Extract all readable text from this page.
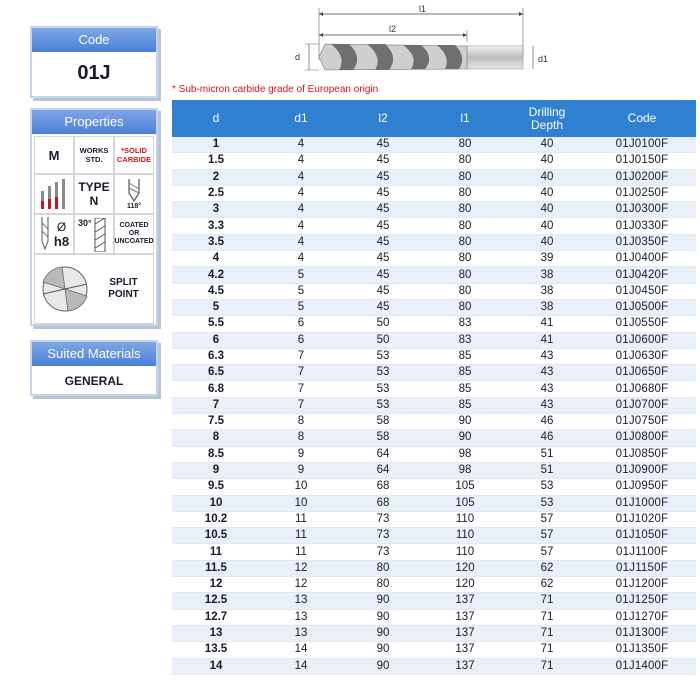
Code
01J
Properties
M	WORKS STD.
*SOLID CARBIDE
TYPE
N	118°
Ø
h8
30°	COATED OR UNCOATED
SPLIT POINT
Suited Materials
GENERAL
l1
l2
d	d1
* Sub-micron carbide grade of European origin
d	d1	l2	l1	Drilling Depth	Code
1	4	45	80	40	01J0100F
1.5	4	45	80	40	01J0150F
2	4	45	80	40	01J0200F
2.5	4	45	80	40	01J0250F
3	4	45	80	40	01J0300F
3.3	4	45	80	40	01J0330F
3.5	4	45	80	40	01J0350F
4	4	45	80	39	01J0400F
4.2	5	45	80	38	01J0420F
4.5	5	45	80	38	01J0450F
5	5	45	80	38	01J0500F
5.5	6	50	83	41	01J0550F
6	6	50	83	41	01J0600F
6.3	7	53	85	43	01J0630F
6.5	7	53	85	43	01J0650F
6.8	7	53	85	43	01J0680F
7	7	53	85	43	01J0700F
7.5	8	58	90	46	01J0750F
8	8	58	90	46	01J0800F
8.5	9	64	98	51	01J0850F
9	9	64	98	51	01J0900F
9.5	10	68	105	53	01J0950F
10	10	68	105	53	01J1000F
10.2	11	73	110	57	01J1020F
10.5	11	73	110	57	01J1050F
11	11	73	110	57	01J1100F
11.5	12	80	120	62	01J1150F
12	12	80	120	62	01J1200F
12.5	13	90	137	71	01J1250F
12.7	13	90	137	71	01J1270F
13	13	90	137	71	01J1300F
13.5	14	90	137	71	01J1350F
14	14	90	137	71	01J1400F
